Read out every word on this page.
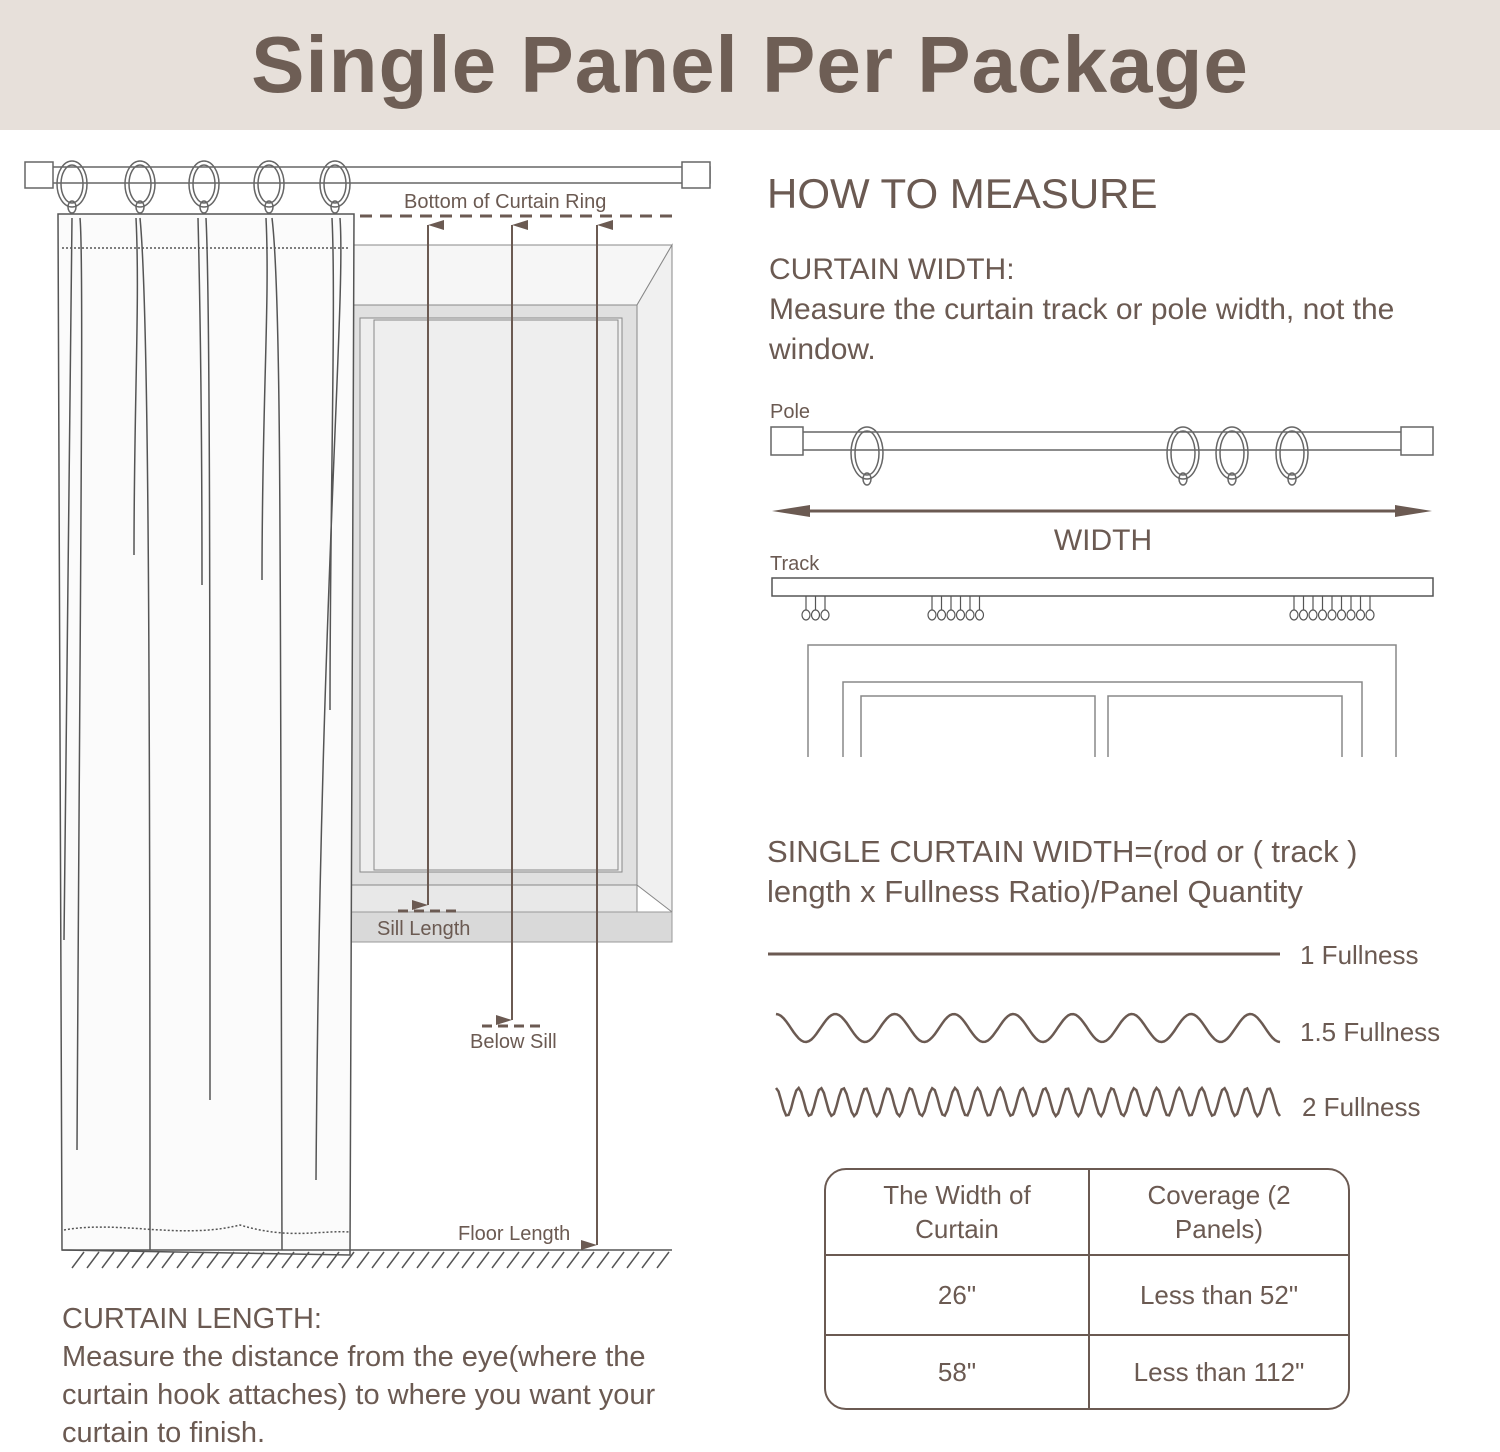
Single Panel Per Package
Bottom of Curtain Ring
Sill Length
Below Sill
Floor Length
Pole
WIDTH
Track
1 Fullness
1.5 Fullness
2 Fullness
HOW TO MEASURE
CURTAIN WIDTH:
Measure the curtain track or pole width, not the window.
SINGLE CURTAIN WIDTH=(rod or ( track ) length x Fullness Ratio)/Panel Quantity
CURTAIN LENGTH:
Measure the distance from the eye(where the curtain hook attaches) to where you want your curtain to finish.
The Width of Curtain	Coverage (2 Panels)

26"	Less than 52"
58"	Less than 112"
